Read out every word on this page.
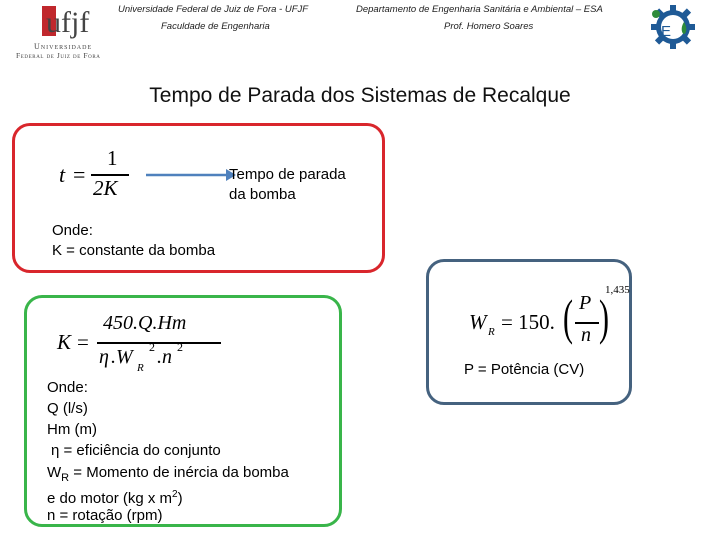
ufjf
Universidade
Federal de Juiz de Fora
Universidade Federal de Juiz de Fora - UFJF
Faculdade de Engenharia
Departamento de Engenharia Sanitária e Ambiental – ESA
Prof. Homero Soares	E
Tempo de Parada dos Sistemas de Recalque
t =
1
2K
Tempo de parada
da bomba
Onde:
K = constante da bomba
K =
450.Q.Hm
η .W R
2 .n 2
Onde:
Q (l/s)
Hm (m)
η = eficiência do conjunto
$W_R$ = Momento de inércia da bomba
e do motor (kg x $m^2$)
n = rotação (rpm)
W R = 150. ( P
n )
1,435
P = Potência (CV)
